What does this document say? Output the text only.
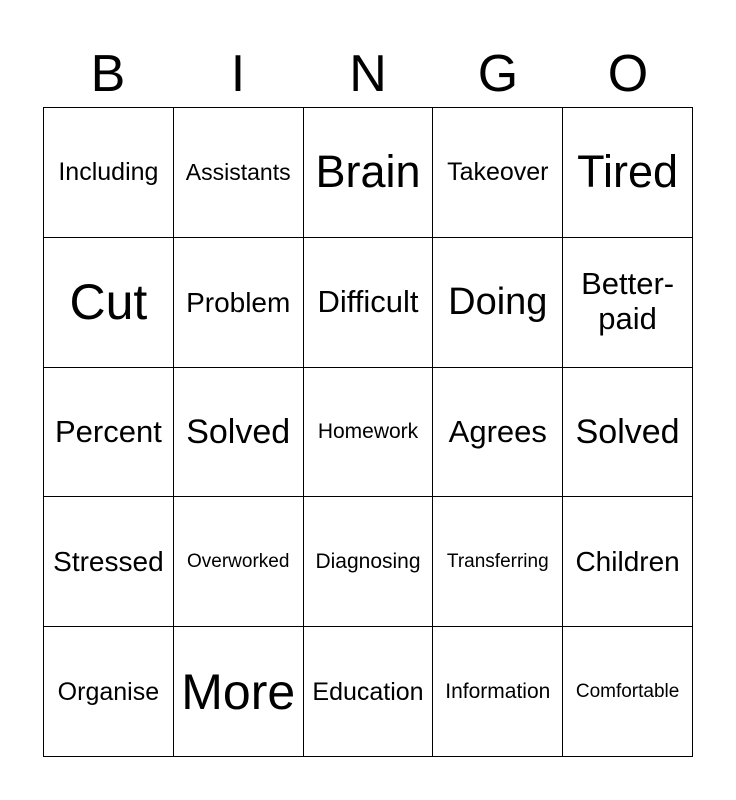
B	I	N	G	O
Including Assistants Brain Takeover Tired
Cut Problem Difficult Doing	Better-paid
Percent Solved Homework Agrees Solved
Stressed Overworked Diagnosing Transferring Children
Organise More Education Information Comfortable
